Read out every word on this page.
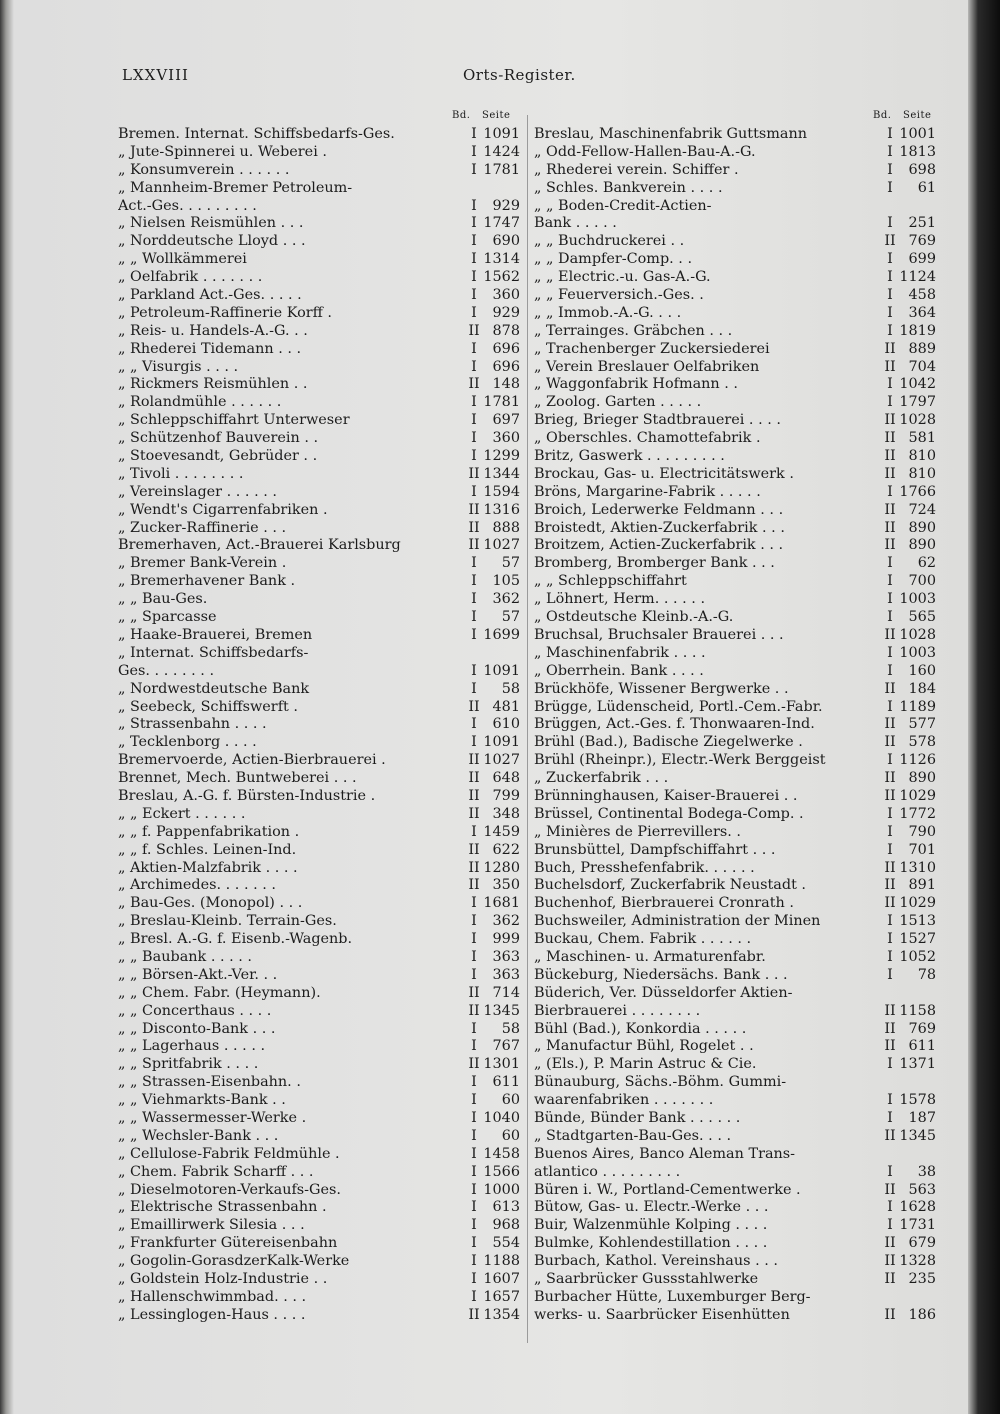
LXXVIII	Orts-Register.
Bd. Seite	Bd. Seite
Bremen. Internat. Schiffsbedarfs-Ges.	I 1091
„ Jute-Spinnerei u. Weberei .	I 1424
„ Konsumverein . . . . . .	I 1781
„ Mannheim-Bremer Petroleum-
Act.-Ges. . . . . . . . .	I	929
„ Nielsen Reismühlen . . .	I 1747
„ Norddeutsche Lloyd . . .	I	690
„ „ Wollkämmerei	I 1314
„ Oelfabrik . . . . . . .	I 1562
„ Parkland Act.-Ges. . . . .	I	360
„ Petroleum-Raffinerie Korff .	I	929
„ Reis- u. Handels-A.-G. . .	II 878
„ Rhederei Tidemann . . .	I	696
„ „ Visurgis . . . .	I	696
„ Rickmers Reismühlen . .	II 148
„ Rolandmühle . . . . . .	I 1781
„ Schleppschiffahrt Unterweser	I	697
„ Schützenhof Bauverein . .	I	360
„ Stoevesandt, Gebrüder . .	I 1299
„ Tivoli . . . . . . . .	II 1344
„ Vereinslager . . . . . .	I 1594
„ Wendt's Cigarrenfabriken .	II 1316
„ Zucker-Raffinerie . . .	II 888
Bremerhaven, Act.-Brauerei Karlsburg	II 1027
„ Bremer Bank-Verein .	I	57
„ Bremerhavener Bank .	I	105
„ „ Bau-Ges.	I	362
„ „ Sparcasse	I	57
„ Haake-Brauerei, Bremen	I 1699
„ Internat. Schiffsbedarfs-
Ges. . . . . . . .	I 1091
„ Nordwestdeutsche Bank	I	58
„ Seebeck, Schiffswerft .	II 481
„ Strassenbahn . . . .	I	610
„ Tecklenborg . . . .	I 1091
Bremervoerde, Actien-Bierbrauerei .	II 1027
Brennet, Mech. Buntweberei . . .	II 648
Breslau, A.-G. f. Bürsten-Industrie .	II 799
„ „ Eckert . . . . . .	II 348
„ „ f. Pappenfabrikation .	I 1459
„ „ f. Schles. Leinen-Ind.	II 622
„ Aktien-Malzfabrik . . . .	II 1280
„ Archimedes. . . . . . .	II 350
„ Bau-Ges. (Monopol) . . .	I 1681
„ Breslau-Kleinb. Terrain-Ges.	I	362
„ Bresl. A.-G. f. Eisenb.-Wagenb.	I	999
„ „ Baubank . . . . .	I	363
„ „ Börsen-Akt.-Ver. . .	I	363
„ „ Chem. Fabr. (Heymann).	II 714
„ „ Concerthaus . . . .	II 1345
„ „ Disconto-Bank . . .	I	58
„ „ Lagerhaus . . . . .	I	767
„ „ Spritfabrik . . . .	II 1301
„ „ Strassen-Eisenbahn. .	I	611
„ „ Viehmarkts-Bank . .	I	60
„ „ Wassermesser-Werke .	I 1040
„ „ Wechsler-Bank . . .	I	60
„ Cellulose-Fabrik Feldmühle .	I 1458
„ Chem. Fabrik Scharff . . .	I 1566
„ Dieselmotoren-Verkaufs-Ges.	I 1000
„ Elektrische Strassenbahn .	I	613
„ Emaillirwerk Silesia . . .	I	968
„ Frankfurter Gütereisenbahn	I	554
„ Gogolin-GorasdzerKalk-Werke	I 1188
„ Goldstein Holz-Industrie . .	I 1607
„ Hallenschwimmbad. . . .	I 1657
„ Lessinglogen-Haus . . . .	II 1354
Breslau, Maschinenfabrik Guttsmann	I 1001
„ Odd-Fellow-Hallen-Bau-A.-G.	I 1813
„ Rhederei verein. Schiffer .	I	698
„ Schles. Bankverein . . . .	I	61
„ „ Boden-Credit-Actien-
Bank . . . . .	I	251
„ „ Buchdruckerei . .	II 769
„ „ Dampfer-Comp. . .	I	699
„ „ Electric.-u. Gas-A.-G.	I 1124
„ „ Feuerversich.-Ges. .	I	458
„ „ Immob.-A.-G. . . .	I	364
„ Terrainges. Gräbchen . . .	I 1819
„ Trachenberger Zuckersiederei	II 889
„ Verein Breslauer Oelfabriken	II 704
„ Waggonfabrik Hofmann . .	I 1042
„ Zoolog. Garten . . . . .	I 1797
Brieg, Brieger Stadtbrauerei . . . .	II 1028
„ Oberschles. Chamottefabrik .	II 581
Britz, Gaswerk . . . . . . . . .	II 810
Brockau, Gas- u. Electricitätswerk .	II 810
Bröns, Margarine-Fabrik . . . . .	I 1766
Broich, Lederwerke Feldmann . . .	II 724
Broistedt, Aktien-Zuckerfabrik . . .	II 890
Broitzem, Actien-Zuckerfabrik . . .	II 890
Bromberg, Bromberger Bank . . .	I	62
„ „ Schleppschiffahrt	I	700
„ Löhnert, Herm. . . . . .	I 1003
„ Ostdeutsche Kleinb.-A.-G.	I	565
Bruchsal, Bruchsaler Brauerei . . .	II 1028
„ Maschinenfabrik . . . .	I 1003
„ Oberrhein. Bank . . . .	I	160
Brückhöfe, Wissener Bergwerke . .	II 184
Brügge, Lüdenscheid, Portl.-Cem.-Fabr.	I 1189
Brüggen, Act.-Ges. f. Thonwaaren-Ind.	II 577
Brühl (Bad.), Badische Ziegelwerke .	II 578
Brühl (Rheinpr.), Electr.-Werk Berggeist	I 1126
„ Zuckerfabrik . . .	II 890
Brünninghausen, Kaiser-Brauerei . .	II 1029
Brüssel, Continental Bodega-Comp. .	I 1772
„ Minières de Pierrevillers. .	I	790
Brunsbüttel, Dampfschiffahrt . . .	I	701
Buch, Presshefenfabrik. . . . . .	II 1310
Buchelsdorf, Zuckerfabrik Neustadt .	II 891
Buchenhof, Bierbrauerei Cronrath .	II 1029
Buchsweiler, Administration der Minen	I 1513
Buckau, Chem. Fabrik . . . . . .	I 1527
„ Maschinen- u. Armaturenfabr.	I 1052
Bückeburg, Niedersächs. Bank . . .	I	78
Büderich, Ver. Düsseldorfer Aktien-
Bierbrauerei . . . . . . . .	II 1158
Bühl (Bad.), Konkordia . . . . .	II 769
„ Manufactur Bühl, Rogelet . .	II 611
„ (Els.), P. Marin Astruc & Cie.	I 1371
Bünauburg, Sächs.-Böhm. Gummi-
waarenfabriken . . . . . . .	I 1578
Bünde, Bünder Bank . . . . . .	I	187
„ Stadtgarten-Bau-Ges. . . .	II 1345
Buenos Aires, Banco Aleman Trans-
atlantico . . . . . . . . .	I	38
Büren i. W., Portland-Cementwerke .	II 563
Bütow, Gas- u. Electr.-Werke . . .	I 1628
Buir, Walzenmühle Kolping . . . .	I 1731
Bulmke, Kohlendestillation . . . .	II 679
Burbach, Kathol. Vereinshaus . . .	II 1328
„ Saarbrücker Gussstahlwerke	II 235
Burbacher Hütte, Luxemburger Berg-
werks- u. Saarbrücker Eisenhütten	II 186
